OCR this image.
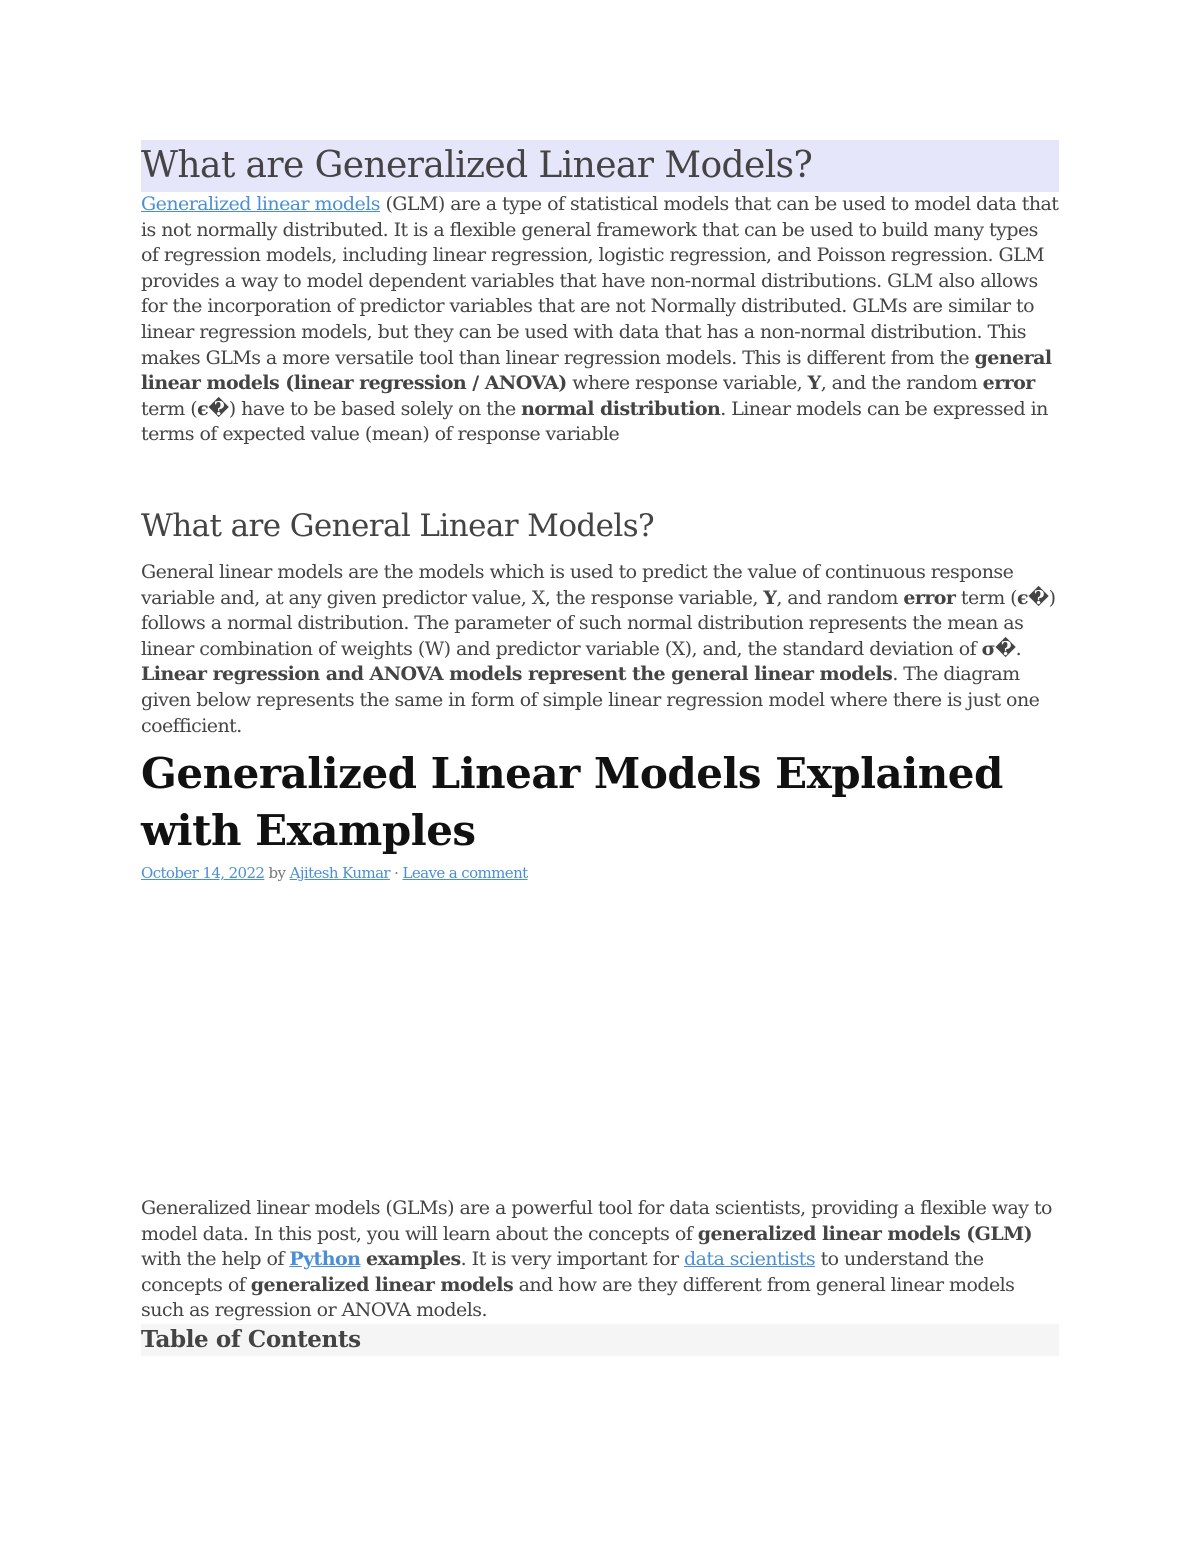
What are Generalized Linear Models?

Generalized linear models (GLM) are a type of statistical models that can be used to model data that is not normally distributed. It is a flexible general framework that can be used to build many types of regression models, including linear regression, logistic regression, and Poisson regression. GLM provides a way to model dependent variables that have non-normal distributions. GLM also allows for the incorporation of predictor variables that are not Normally distributed. GLMs are similar to linear regression models, but they can be used with data that has a non-normal distribution. This makes GLMs a more versatile tool than linear regression models. This is different from the general linear models (linear regression / ANOVA) where response variable, Y, and the random error term (ϵ�) have to be based solely on the normal distribution. Linear models can be expressed in terms of expected value (mean) of response variable

What are General Linear Models?

General linear models are the models which is used to predict the value of continuous response variable and, at any given predictor value, X, the response variable, Y, and random error term (ϵ�) follows a normal distribution. The parameter of such normal distribution represents the mean as linear combination of weights (W) and predictor variable (X), and, the standard deviation of σ�. Linear regression and ANOVA models represent the general linear models. The diagram given below represents the same in form of simple linear regression model where there is just one coefficient.

Generalized Linear Models Explained with Examples
October 14, 2022 by Ajitesh Kumar · Leave a comment

Generalized linear models (GLMs) are a powerful tool for data scientists, providing a flexible way to model data. In this post, you will learn about the concepts of generalized linear models (GLM) with the help of Python examples. It is very important for data scientists to understand the concepts of generalized linear models and how are they different from general linear models such as regression or ANOVA models.

Table of Contents
